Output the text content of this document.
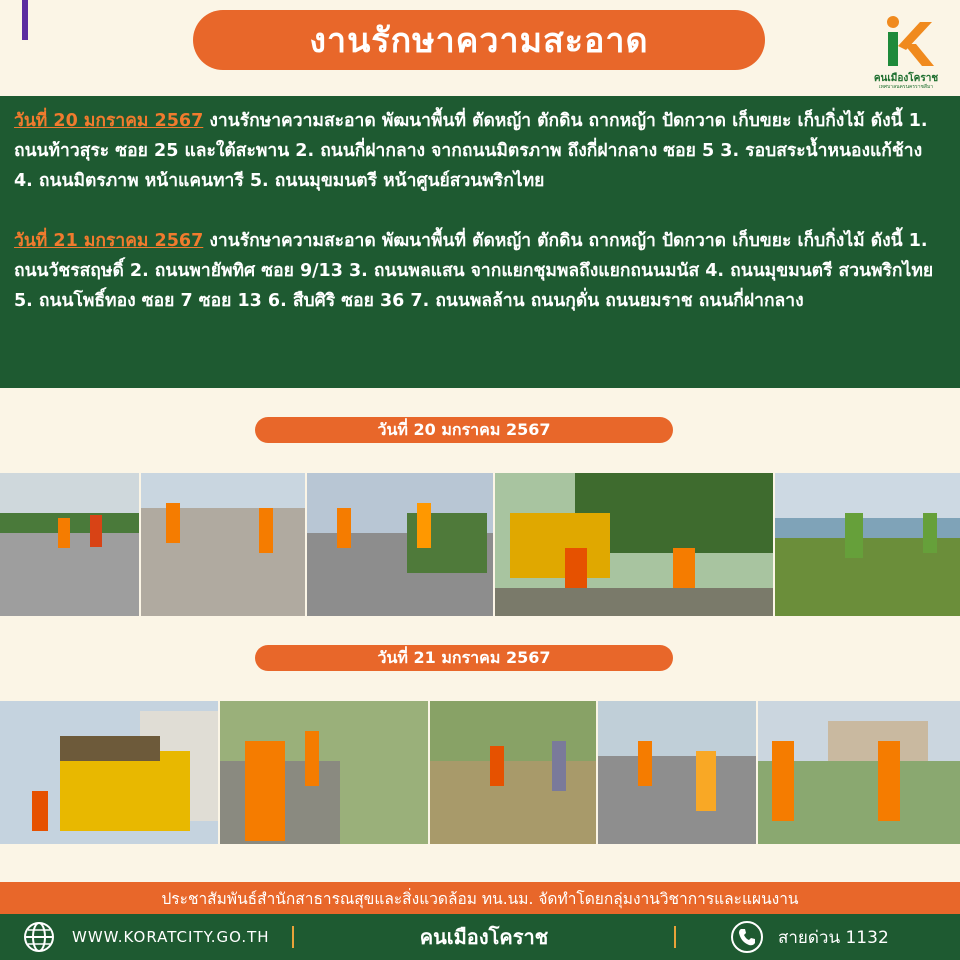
งานรักษาความสะอาด
คนเมืองโคราช
เทศบาลนครนครราชสีมา

วันที่ 20 มกราคม 2567 งานรักษาความสะอาด พัฒนาพื้นที่ ตัดหญ้า ตักดิน ถากหญ้า ปัดกวาด เก็บขยะ เก็บกิ่งไม้ ดังนี้ 1. ถนนท้าวสุระ ซอย 25 และใต้สะพาน 2. ถนนกี่ฝากลาง จากถนนมิตรภาพ ถึงกี่ฝากลาง ซอย 5 3. รอบสระน้ำหนองแก้ช้าง 4. ถนนมิตรภาพ หน้าแคนทารี 5. ถนนมุขมนตรี หน้าศูนย์สวนพริกไทย

วันที่ 21 มกราคม 2567 งานรักษาความสะอาด พัฒนาพื้นที่ ตัดหญ้า ตักดิน ถากหญ้า ปัดกวาด เก็บขยะ เก็บกิ่งไม้ ดังนี้ 1. ถนนวัชรสฤษดิ์ 2. ถนนพายัพทิศ ซอย 9/13 3. ถนนพลแสน จากแยกชุมพลถึงแยกถนนมนัส 4. ถนนมุขมนตรี สวนพริกไทย 5. ถนนโพธิ์ทอง ซอย 7 ซอย 13 6. สืบศิริ ซอย 36 7. ถนนพลล้าน ถนนกุดั่น ถนนยมราช ถนนกี่ฝากลาง

วันที่ 20 มกราคม 2567
วันที่ 21 มกราคม 2567
ประชาสัมพันธ์สำนักสาธารณสุขและสิ่งแวดล้อม ทน.นม. จัดทำโดยกลุ่มงานวิชาการและแผนงาน
WWW.KORATCITY.GO.TH	คนเมืองโคราช	สายด่วน 1132
